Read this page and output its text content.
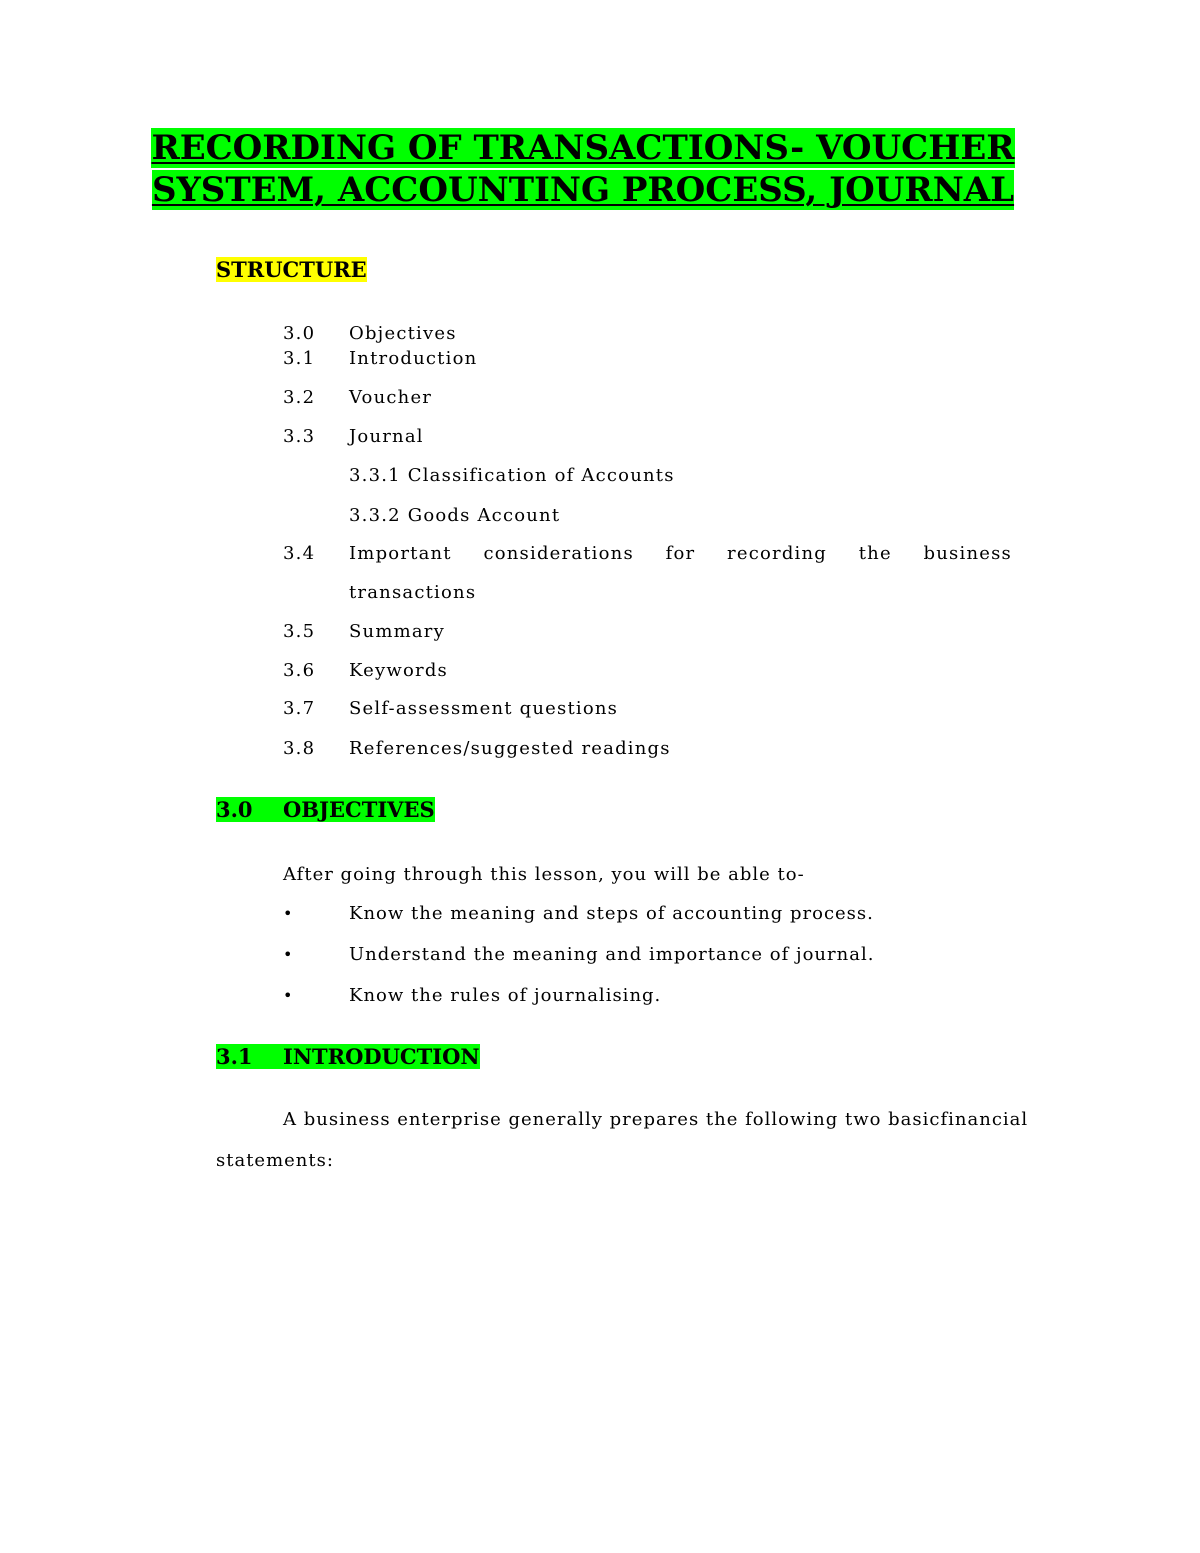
RECORDING OF TRANSACTIONS- VOUCHER
SYSTEM, ACCOUNTING PROCESS, JOURNAL
STRUCTURE
3.0 Objectives
3.1 Introduction
3.2 Voucher
3.3 Journal
3.3.1 Classification of Accounts
3.3.2 Goods Account
3.4 Important considerations for recording the business
transactions
3.5 Summary
3.6 Keywords
3.7 Self-assessment questions
3.8 References/suggested readings
3.0 OBJECTIVES
After going through this lesson, you will be able to-
•	Know the meaning and steps of accounting process.
•	Understand the meaning and importance of journal.
•	Know the rules of journalising.
3.1 INTRODUCTION
A business enterprise generally prepares the following two basicfinancial
statements:
